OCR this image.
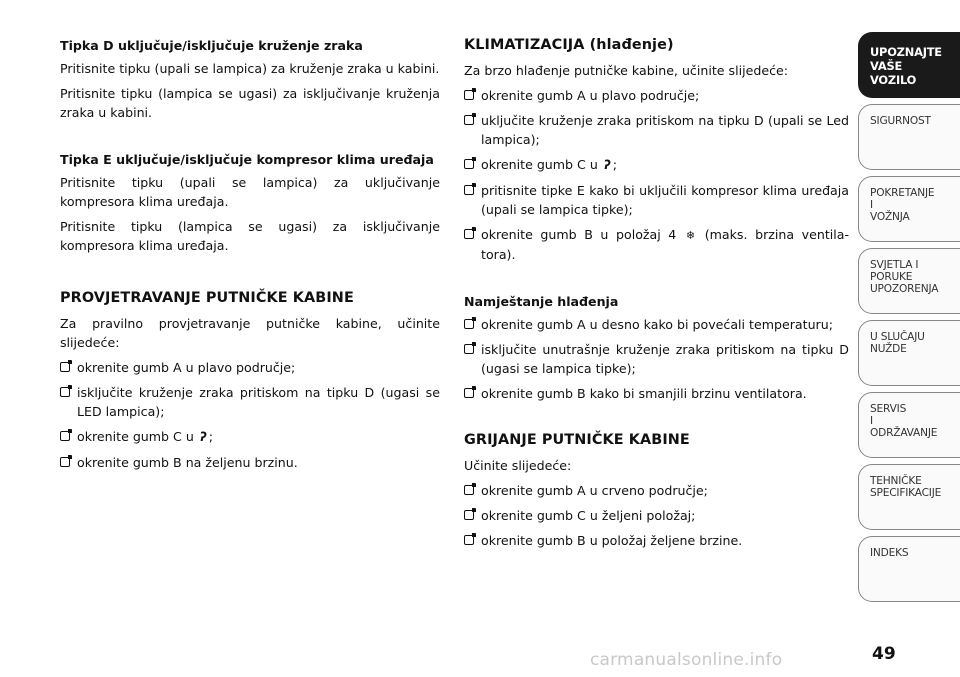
Tipka D uključuje/isključuje kruženje zraka

Pritisnite tipku (upali se lampica) za kruženje zraka u kabini.

Pritisnite tipku (lampica se ugasi) za isključivanje kruženja zraka u kabini.

Tipka E uključuje/isključuje kompresor klima uređaja

Pritisnite tipku (upali se lampica) za uključivanje kompresora klima uređaja.

Pritisnite tipku (lampica se ugasi) za isključivanje kompresora klima uređaja.

PROVJETRAVANJE PUTNIČKE KABINE

Za pravilno provjetravanje putničke kabine, učinite slijedeće:

okrenite gumb A u plavo područje;
isključite kruženje zraka pritiskom na tipku D (ugasi se LED lampica);
okrenite gumb C u ʔ ;
okrenite gumb B na željenu brzinu.
KLIMATIZACIJA (hlađenje)

Za brzo hlađenje putničke kabine, učinite slijedeće:

okrenite gumb A u plavo područje;
uključite kruženje zraka pritiskom na tipku D (upali se Led lampica);
okrenite gumb C u ʔ ;
pritisnite tipke E kako bi uključili kompresor klima uređaja (upali se lampica tipke);
okrenite gumb B u položaj 4 ❄ (maks. brzina ventila-tora).
Namještanje hlađenja
okrenite gumb A u desno kako bi povećali temperaturu;
isključite unutrašnje kruženje zraka pritiskom na tipku D (ugasi se lampica tipke);
okrenite gumb B kako bi smanjili brzinu ventilatora.
GRIJANJE PUTNIČKE KABINE

Učinite slijedeće:

okrenite gumb A u crveno područje;
okrenite gumb C u željeni položaj;
okrenite gumb B u položaj željene brzine.
UPOZNAJTE
VAŠE
VOZILO
SIGURNOST
POKRETANJE
I
VOŽNJA
SVJETLA I
PORUKE
UPOZORENJA
U SLUČAJU
NUŽDE
SERVIS
I
ODRŽAVANJE
TEHNIČKE
SPECIFIKACIJE
INDEKS
carmanualsonline.info	49
